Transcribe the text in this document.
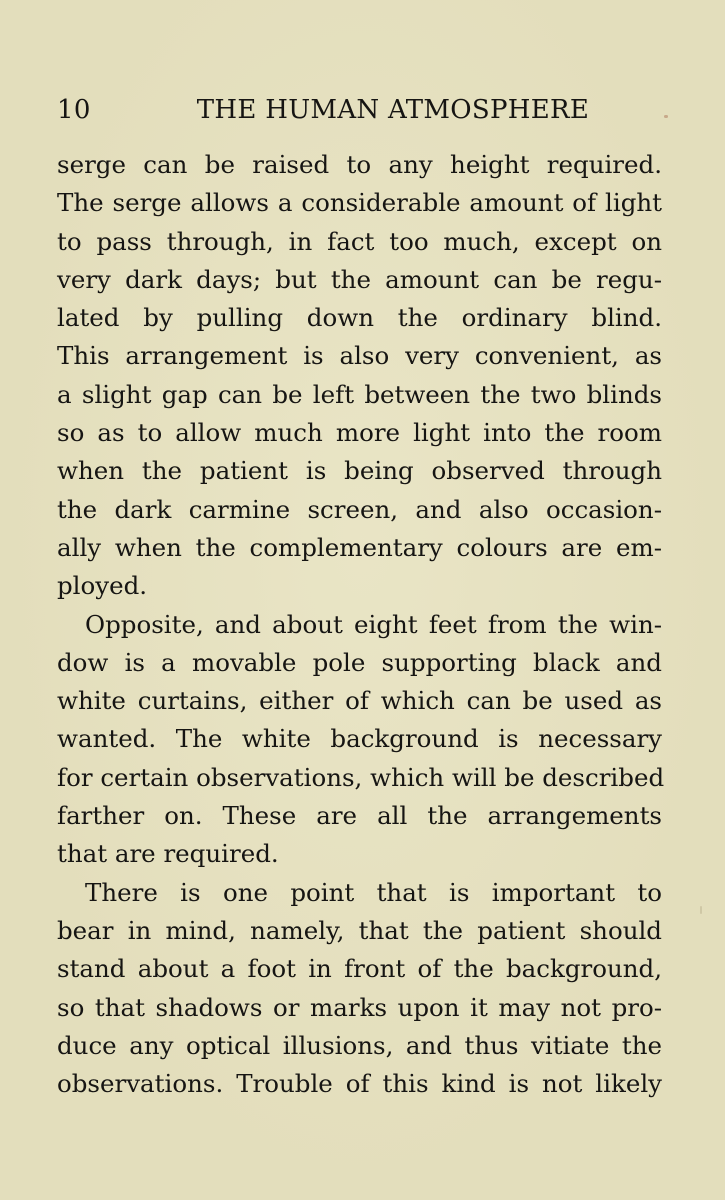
10	THE HUMAN ATMOSPHERE
serge can be raised to any height required.
The serge allows a considerable amount of light
to pass through, in fact too much, except on
very dark days; but the amount can be regu-
lated by pulling down the ordinary blind.
This arrangement is also very convenient, as
a slight gap can be left between the two blinds
so as to allow much more light into the room
when the patient is being observed through
the dark carmine screen, and also occasion-
ally when the complementary colours are em-
ployed.
Opposite, and about eight feet from the win-
dow is a movable pole supporting black and
white curtains, either of which can be used as
wanted. The white background is necessary
for certain observations, which will be described
farther on. These are all the arrangements
that are required.
There is one point that is important to
bear in mind, namely, that the patient should
stand about a foot in front of the background,
so that shadows or marks upon it may not pro-
duce any optical illusions, and thus vitiate the
observations. Trouble of this kind is not likely
